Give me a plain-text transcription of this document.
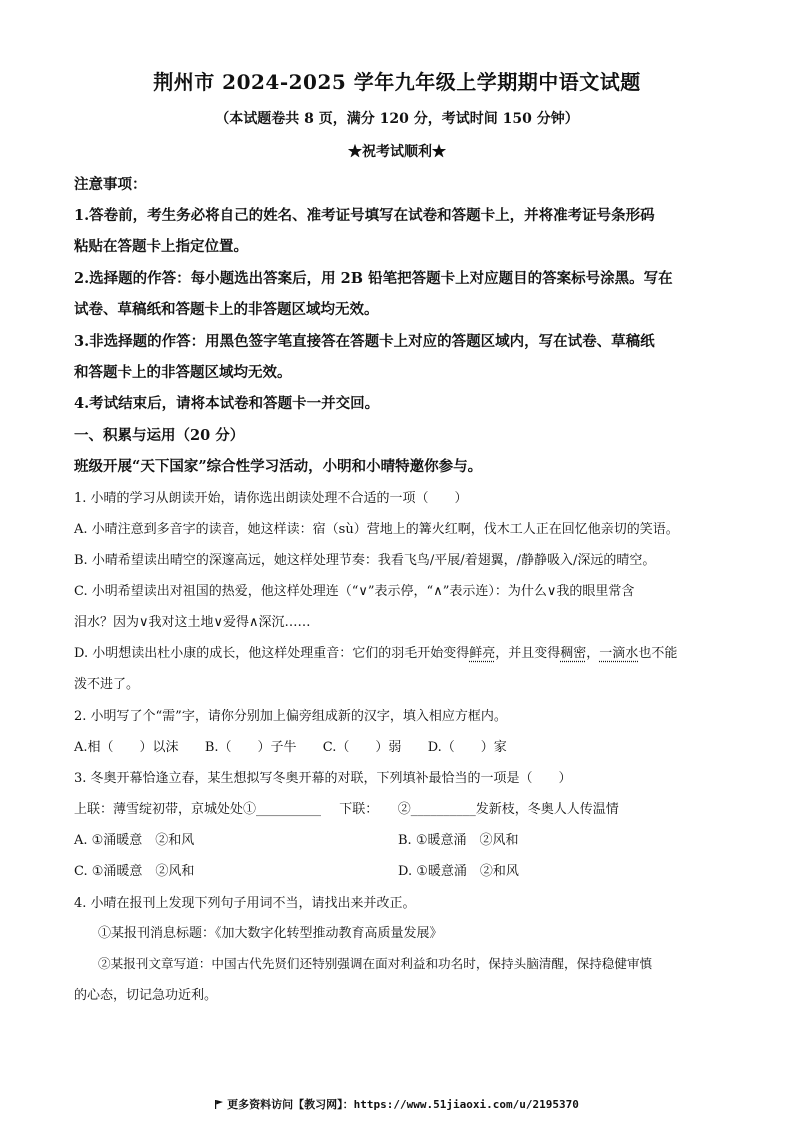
荆州市 2024-2025 学年九年级上学期期中语文试题
（本试题卷共 8 页，满分 120 分，考试时间 150 分钟）
★祝考试顺利★
注意事项：
1.答卷前，考生务必将自己的姓名、准考证号填写在试卷和答题卡上，并将准考证号条形码
粘贴在答题卡上指定位置。
2.选择题的作答：每小题选出答案后，用 2B 铅笔把答题卡上对应题目的答案标号涂黑。写在
试卷、草稿纸和答题卡上的非答题区域均无效。
3.非选择题的作答：用黑色签字笔直接答在答题卡上对应的答题区域内，写在试卷、草稿纸
和答题卡上的非答题区域均无效。
4.考试结束后，请将本试卷和答题卡一并交回。
一、积累与运用（20 分）
班级开展“天下国家”综合性学习活动，小明和小晴特邀你参与。
1. 小晴的学习从朗读开始，请你选出朗读处理不合适的一项（　　）
A. 小晴注意到多音字的读音，她这样读：宿（sù）营地上的篝火红啊，伐木工人正在回忆他亲切的笑语。
B. 小晴希望读出晴空的深邃高远，她这样处理节奏：我看飞鸟/平展/着翅翼，/静静吸入/深远的晴空。
C. 小明希望读出对祖国的热爱，他这样处理连（“∨”表示停，“∧”表示连）：为什么∨我的眼里常含
泪水？因为∨我对这土地∨爱得∧深沉……
D. 小明想读出杜小康的成长，他这样处理重音：它们的羽毛开始变得鲜亮，并且变得稠密，一滴水也不能
泼不进了。
2. 小明写了个“需”字，请你分别加上偏旁组成新的汉字，填入相应方框内。
A.相（　　）以沫 B.（　　）子牛 C.（　　）弱 D.（　　）家
3. 冬奥开幕恰逢立春，某生想拟写冬奥开幕的对联，下列填补最恰当的一项是（　　）
上联：薄雪绽初带，京城处处①__________ 下联：　　②__________发新枝，冬奥人人传温情
A. ①涌暖意　②和风	B. ①暖意涌　②风和
C. ①涌暖意　②风和	D. ①暖意涌　②和风
4. 小晴在报刊上发现下列句子用词不当，请找出来并改正。
①某报刊消息标题：《加大数字化转型推动教育高质量发展》
②某报刊文章写道：中国古代先贤们还特别强调在面对利益和功名时，保持头脑清醒，保持稳健审慎
的心态，切记急功近利。
更多资料访问【教习网】：https://www.51jiaoxi.com/u/2195370
